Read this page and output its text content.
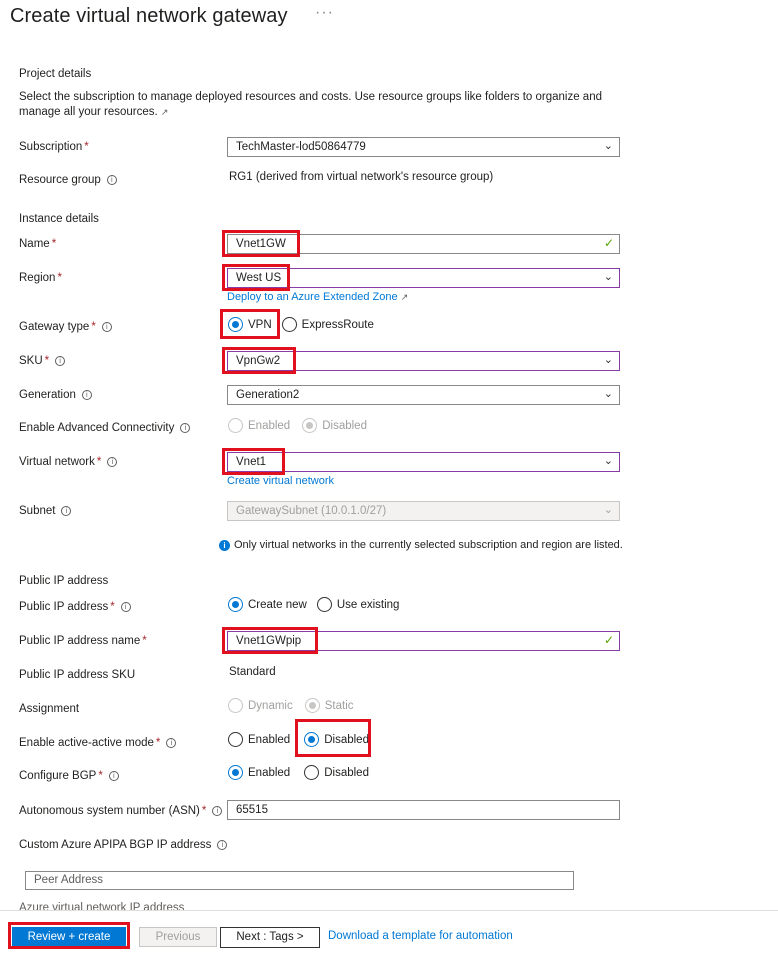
Create virtual network gateway ···
Project details
Select the subscription to manage deployed resources and costs. Use resource groups like folders to organize and manage all your resources. ↗
Subscription *	TechMaster-lod50864779	⌄
Resource group	i	RG1 (derived from virtual network's resource group)
Instance details
Name *	Vnet1GW	✓
Region *	West US	⌄
Deploy to an Azure Extended Zone ↗
Gateway type *	i	VPN	ExpressRoute
SKU *	i	VpnGw2	⌄
Generation	i	Generation2	⌄
Enable Advanced Connectivity	i	Enabled	Disabled
Virtual network *	i	Vnet1	⌄
Create virtual network
Subnet	i	GatewaySubnet (10.0.1.0/27)	⌄
i Only virtual networks in the currently selected subscription and region are listed.
Public IP address
Public IP address *	i	Create new	Use existing
Public IP address name *	Vnet1GWpip	✓
Public IP address SKU	Standard
Assignment	Dynamic	Static
Enable active-active mode *	i	Enabled	Disabled
Configure BGP *	i	Enabled	Disabled
Autonomous system number (ASN) *	i	65515
Custom Azure APIPA BGP IP address	i
Peer Address
Azure virtual network IP address
Review + create	Previous	Next : Tags >	Download a template for automation
